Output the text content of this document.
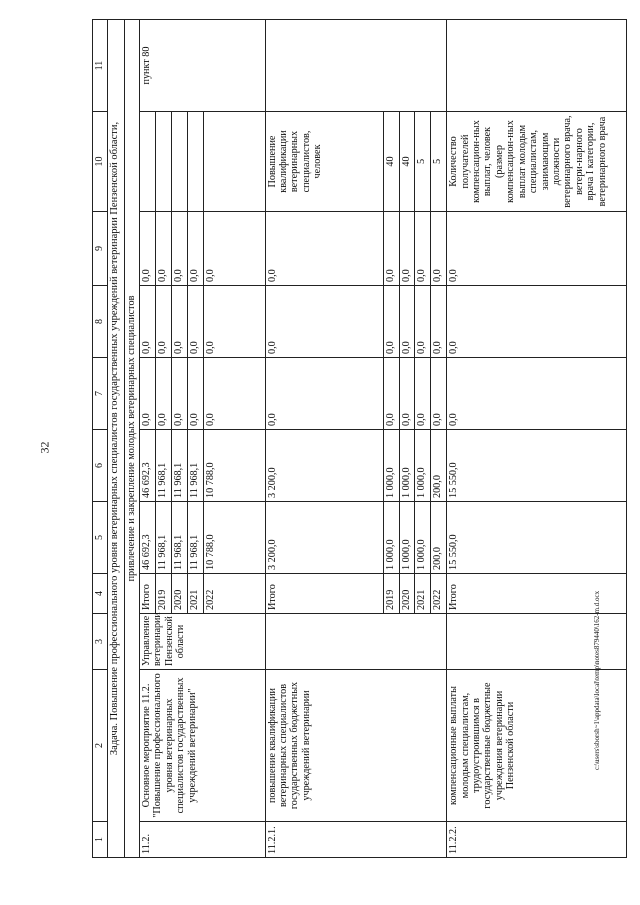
32
c:\users\sborsh~1\appdata\local\temp\notes879440\162-m.d.ocx
1	2	3	4	5	6	7	8	9	10	11
Задача. Повышение профессионального уровня ветеринарных специалистов государственных учреждений ветеринарии Пензенской области,										
привлечение и закрепление молодых ветеринарных специалистов										
11.2.	Основное мероприятие 11.2. "Повышение профессионального уровня ветеринарных специалистов государственных учреждений ветеринарии"	Управление ветеринарии Пензенской области	Итого	46 692,3	46 692,3	0,0	0,0	0,0		пункт 80
			2019	11 968,1	11 968,1	0,0	0,0	0,0		
			2020	11 968,1	11 968,1	0,0	0,0	0,0		
			2021	11 968,1	11 968,1	0,0	0,0	0,0		
			2022	10 788,0	10 788,0	0,0	0,0	0,0		
11.2.1.	повышение квалификации ветеринарных специалистов государственных бюджетных учреждений ветеринарии		Итого	3 200,0	3 200,0	0,0	0,0	0,0	Повышение квалификации ветеринарных специалистов, человек	
			2019	1 000,0	1 000,0	0,0	0,0	0,0	40	
			2020	1 000,0	1 000,0	0,0	0,0	0,0	40	
			2021	1 000,0	1 000,0	0,0	0,0	0,0	5	
			2022	200,0	200,0	0,0	0,0	0,0	5	
11.2.2.	компенсационные выплаты молодым специалистам, трудоустроившимся в государственные бюджетные учреждения ветеринарии Пензенской области		Итого	15 550,0	15 550,0	0,0	0,0	0,0	Количество получателей компенсацион-ных выплат, человек (размер компенсацион-ных выплат молодым специалистам, занимающим должности ветеринарного врача, ветери-нарного врача I категории, ветеринарного врача	
